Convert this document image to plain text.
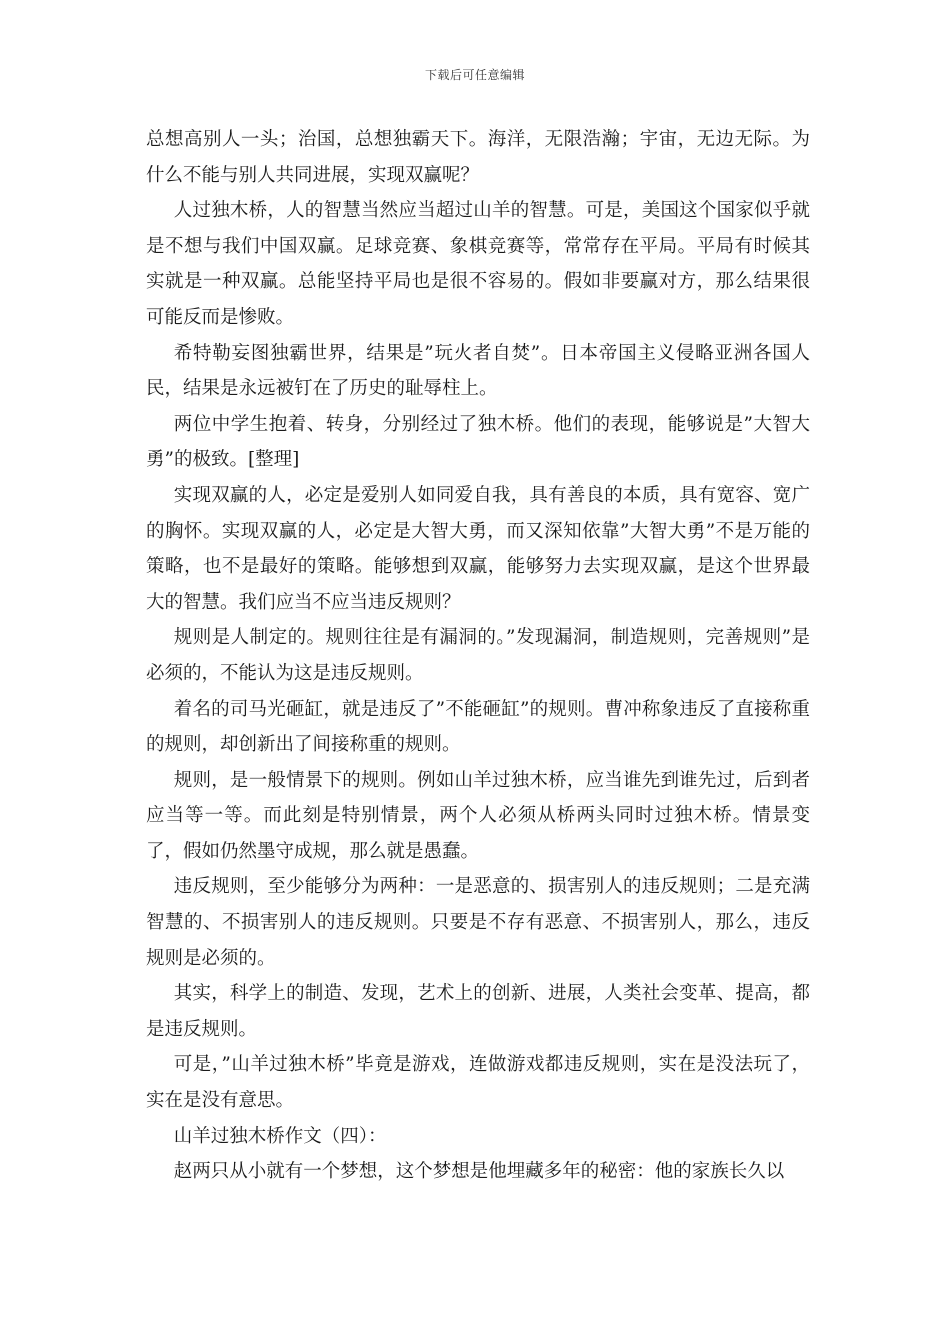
下载后可任意编辑

总想高别人一头；治国，总想独霸天下。海洋，无限浩瀚；宇宙，无边无际。为什么不能与别人共同进展，实现双赢呢？

人过独木桥，人的智慧当然应当超过山羊的智慧。可是，美国这个国家似乎就是不想与我们中国双赢。足球竞赛、象棋竞赛等，常常存在平局。平局有时候其实就是一种双赢。总能坚持平局也是很不容易的。假如非要赢对方，那么结果很可能反而是惨败。

希特勒妄图独霸世界，结果是”玩火者自焚”。日本帝国主义侵略亚洲各国人民，结果是永远被钉在了历史的耻辱柱上。

两位中学生抱着、转身，分别经过了独木桥。他们的表现，能够说是”大智大勇”的极致。[整理]

实现双赢的人，必定是爱别人如同爱自我，具有善良的本质，具有宽容、宽广的胸怀。实现双赢的人，必定是大智大勇，而又深知依靠”大智大勇”不是万能的策略，也不是最好的策略。能够想到双赢，能够努力去实现双赢，是这个世界最大的智慧。我们应当不应当违反规则？

规则是人制定的。规则往往是有漏洞的。”发现漏洞，制造规则，完善规则”是必须的，不能认为这是违反规则。

着名的司马光砸缸，就是违反了”不能砸缸”的规则。曹冲称象违反了直接称重的规则，却创新出了间接称重的规则。

规则，是一般情景下的规则。例如山羊过独木桥，应当谁先到谁先过，后到者应当等一等。而此刻是特别情景，两个人必须从桥两头同时过独木桥。情景变了，假如仍然墨守成规，那么就是愚蠢。

违反规则，至少能够分为两种：一是恶意的、损害别人的违反规则；二是充满智慧的、不损害别人的违反规则。只要是不存有恶意、不损害别人，那么，违反规则是必须的。

其实，科学上的制造、发现，艺术上的创新、进展，人类社会变革、提高，都是违反规则。

可是，”山羊过独木桥”毕竟是游戏，连做游戏都违反规则，实在是没法玩了，实在是没有意思。

山羊过独木桥作文（四）：

赵两只从小就有一个梦想，这个梦想是他埋藏多年的秘密：他的家族长久以
